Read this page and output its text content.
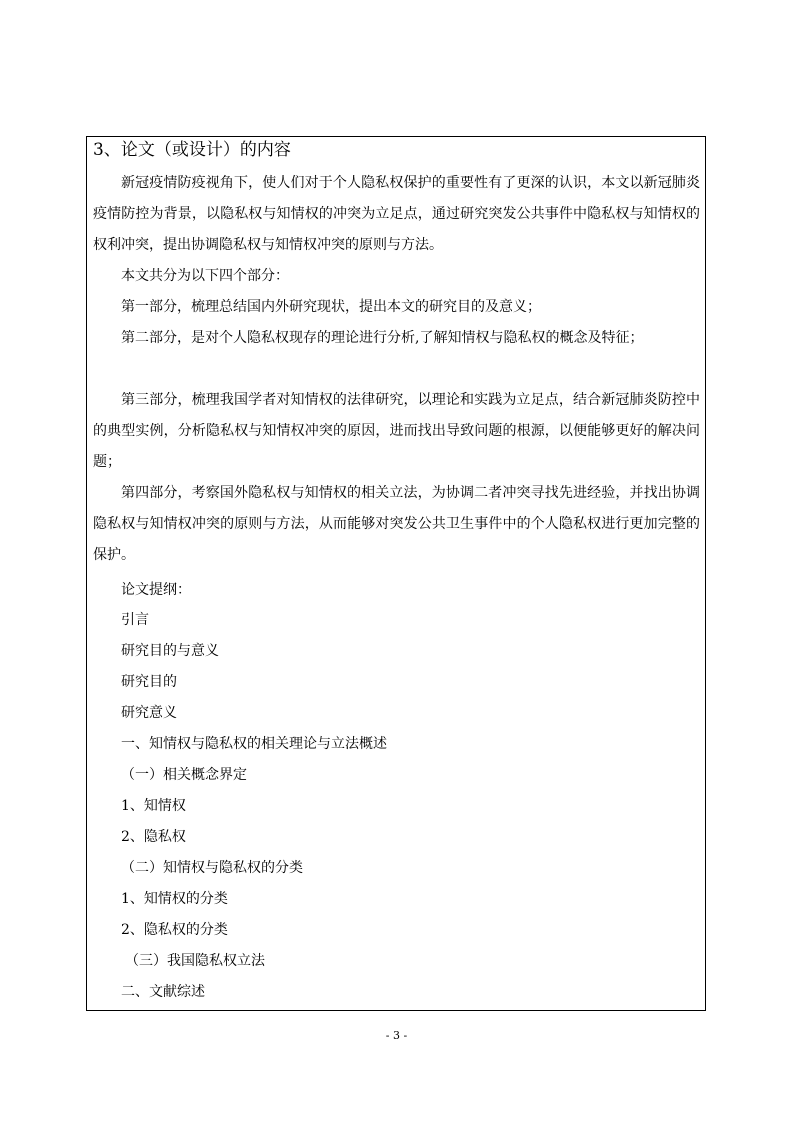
3、论文（或设计）的内容

新冠疫情防疫视角下，使人们对于个人隐私权保护的重要性有了更深的认识，本文以新冠肺炎疫情防控为背景，以隐私权与知情权的冲突为立足点，通过研究突发公共事件中隐私权与知情权的权利冲突，提出协调隐私权与知情权冲突的原则与方法。

本文共分为以下四个部分：

第一部分，梳理总结国内外研究现状，提出本文的研究目的及意义；

第二部分，是对个人隐私权现存的理论进行分析,了解知情权与隐私权的概念及特征；

第三部分，梳理我国学者对知情权的法律研究，以理论和实践为立足点，结合新冠肺炎防控中的典型实例，分析隐私权与知情权冲突的原因，进而找出导致问题的根源，以便能够更好的解决问题；

第四部分，考察国外隐私权与知情权的相关立法，为协调二者冲突寻找先进经验，并找出协调隐私权与知情权冲突的原则与方法，从而能够对突发公共卫生事件中的个人隐私权进行更加完整的保护。

论文提纲：
引言
研究目的与意义
研究目的
研究意义
一、知情权与隐私权的相关理论与立法概述
（一）相关概念界定
1、知情权
2、隐私权
（二）知情权与隐私权的分类
1、知情权的分类
2、隐私权的分类
（三）我国隐私权立法
二、文献综述
- 3 -
